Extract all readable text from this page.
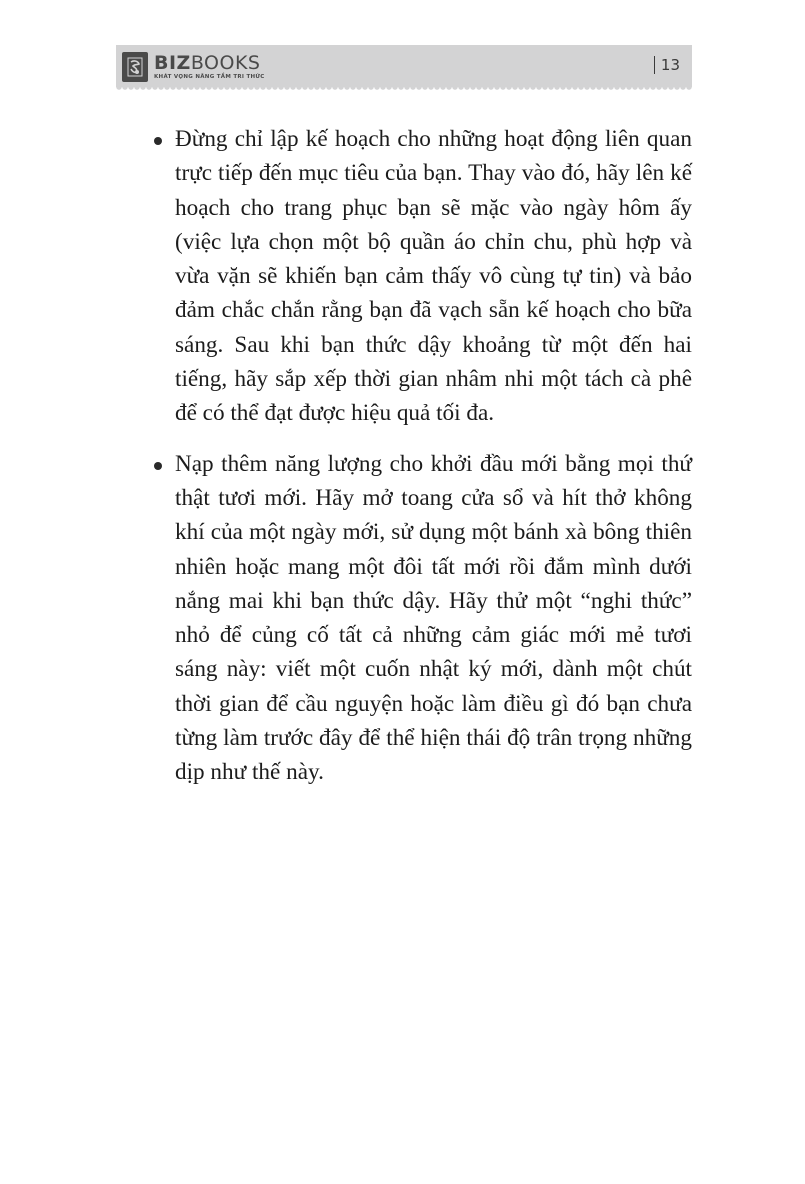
BIZBOOKS
KHÁT VỌNG NÂNG TẦM TRI THỨC
13
Đừng chỉ lập kế hoạch cho những hoạt động liên quan trực tiếp đến mục tiêu của bạn. Thay vào đó, hãy lên kế hoạch cho trang phục bạn sẽ mặc vào ngày hôm ấy (việc lựa chọn một bộ quần áo chỉn chu, phù hợp và vừa vặn sẽ khiến bạn cảm thấy vô cùng tự tin) và bảo đảm chắc chắn rằng bạn đã vạch sẵn kế hoạch cho bữa sáng. Sau khi bạn thức dậy khoảng từ một đến hai tiếng, hãy sắp xếp thời gian nhâm nhi một tách cà phê để có thể đạt được hiệu quả tối đa.
Nạp thêm năng lượng cho khởi đầu mới bằng mọi thứ thật tươi mới. Hãy mở toang cửa sổ và hít thở không khí của một ngày mới, sử dụng một bánh xà bông thiên nhiên hoặc mang một đôi tất mới rồi đắm mình dưới nắng mai khi bạn thức dậy. Hãy thử một “nghi thức” nhỏ để củng cố tất cả những cảm giác mới mẻ tươi sáng này: viết một cuốn nhật ký mới, dành một chút thời gian để cầu nguyện hoặc làm điều gì đó bạn chưa từng làm trước đây để thể hiện thái độ trân trọng những dịp như thế này.
